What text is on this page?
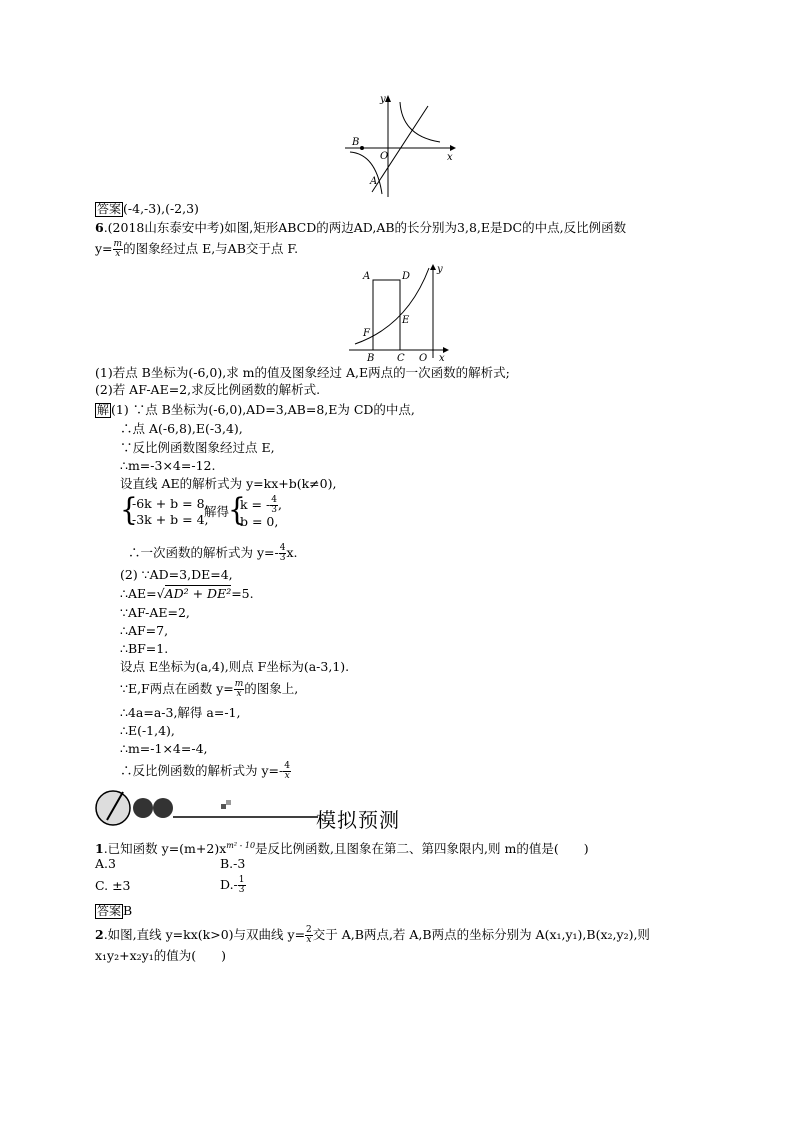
y
x
O
A
B
答案 (-4,-3),(-2,3)
6.(2018山东泰安中考)如图,矩形ABCD的两边AD,AB的长分别为3,8,E是DC的中点,反比例函数
$y= \frac{m}{x}$ 的图象经过点 E,与AB交于点 F.
A	D
y
E
F
B C O x
(1)若点 B坐标为(-6,0),求 m的值及图象经过 A,E两点的一次函数的解析式;
(2)若 AF-AE=2,求反比例函数的解析式.
解 (1) ∵点 B坐标为(-6,0),AD=3,AB=8,E为 CD的中点,
∴点 A(-6,8),E(-3,4),
∵反比例函数图象经过点 E,
∴m=-3×4=-12.
设直线 AE的解析式为 y=kx+b(k≠0),
{
-6k + b = 8,
-3k + b = 4,
解得
{
k = - $\frac{4}{3}$ ,
b = 0,
∴一次函数的解析式为 $y=- \frac{4}{3} x$.
(2) ∵AD=3,DE=4,
∴AE=√AD² + DE²=5.
∵AF-AE=2,
∴AF=7,
∴BF=1.
设点 E坐标为(a,4),则点 F坐标为(a-3,1).
∵E,F两点在函数 $y= \frac{m}{x}$ 的图象上,
∴4a=a-3,解得 a=-1,
∴E(-1,4),
∴m=-1×4=-4,
∴反比例函数的解析式为 $y=- \frac{4}{x}$
模拟预测
1.已知函数 $y=(m+2)x^{m^2 - 10}$是反比例函数,且图象在第二、第四象限内,则 m的值是(　　)
A.3	B.-3
C. ±3	$D.- \frac{1}{3}$
答案 B
2.如图,直线 y=kx(k>0)与双曲线 $y= \frac{2}{x}$ 交于 A,B两点,若 A,B两点的坐标分别为 A(x₁,y₁),B(x₂,y₂),则
x₁y₂+x₂y₁的值为(　　)
